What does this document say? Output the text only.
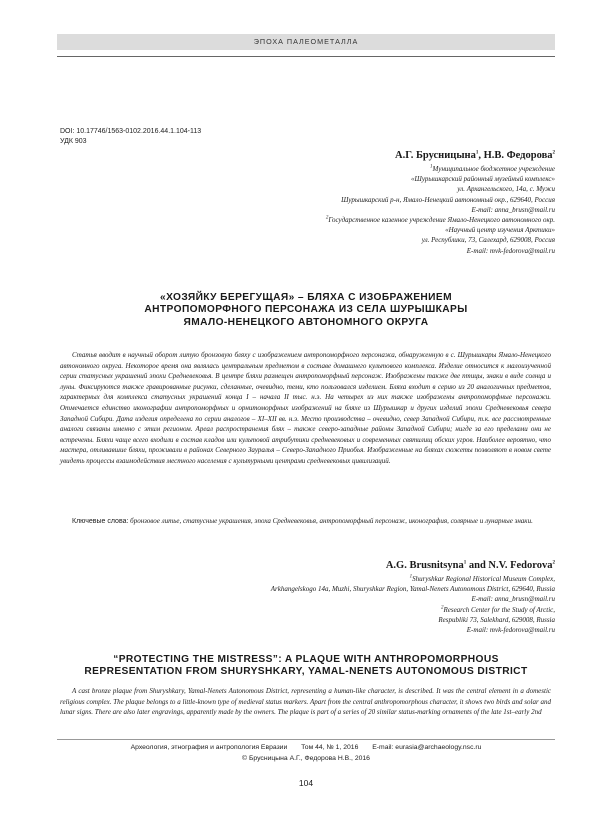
ЭПОХА ПАЛЕОМЕТАЛЛА
DOI: 10.17746/1563-0102.2016.44.1.104-113
УДК 903
А.Г. Брусницына$^1$, Н.В. Федорова$^2$
$^1$Муниципальное бюджетное учреждение
«Шурышкарский районный музейный комплекс»
ул. Архангельского, 14а, с. Мужи
Шурышкарский р-н, Ямало-Ненецкий автономный окр., 629640, Россия
E-mail: anna_brusn@mail.ru
$^2$Государственное казенное учреждение Ямало-Ненецкого автономного окр.
«Научный центр изучения Арктики»
ул. Республики, 73, Салехард, 629008, Россия
E-mail: mvk-fedorova@mail.ru
«ХОЗЯЙКУ БЕРЕГУЩАЯ» – БЛЯХА С ИЗОБРАЖЕНИЕМ
АНТРОПОМОРФНОГО ПЕРСОНАЖА ИЗ СЕЛА ШУРЫШКАРЫ
ЯМАЛО-НЕНЕЦКОГО АВТОНОМНОГО ОКРУГА
Статья вводит в научный оборот литую бронзовую бляху с изображением антропоморфного персонажа, обнаруженную в с. Шурышкары Ямало-Ненецкого автономного округа. Некоторое время она являлась центральным предметом в составе домашнего культового комплекса. Изделие относится к малоизученной серии статусных украшений эпохи Средневековья. В центре бляхи размещен антропоморфный персонаж. Изображены также две птицы, знаки в виде солнца и луны. Фиксируются также гравированные рисунки, сделанные, очевидно, теми, кто пользовался изделием. Бляха входит в серию из 20 аналогичных предметов, характерных для комплекса статусных украшений конца I – начала II тыс. н.э. На четырех из них также изображены антропоморфные персонажи. Отмечается единство иконографии антропоморфных и орнитоморфных изображений на бляхе из Шурышкар и других изделий эпохи Средневековья севера Западной Сибири. Дата изделия определена по серии аналогов – XI–XII вв. н.э. Место производства – очевидно, север Западной Сибири, т.к. все рассмотренные аналоги связаны именно с этим регионом. Ареал распространения блях – также северо-западные районы Западной Сибири; нигде за его пределами они не встречены. Бляхи чаще всего входили в состав кладов или культовой атрибутики средневековых и современных святилищ обских угров. Наиболее вероятно, что мастера, отливавшие бляхи, проживали в районах Северного Зауралья – Северо-Западного Приобья. Изображенные на бляхах сюжеты позволяют в новом свете увидеть процессы взаимодействия местного населения с культурными центрами средневековых цивилизаций.
Ключевые слова: бронзовое литье, статусные украшения, эпоха Средневековья, антропоморфный персонаж, иконография, солярные и лунарные знаки.
A.G. Brusnitsyna$^1$ and N.V. Fedorova$^2$
$^1$Shuryshkar Regional Historical Museum Complex,
Arkhangelskogo 14a, Muzhi, Shuryshkar Region, Yamal-Nenets Autonomous District, 629640, Russia
E-mail: anna_brusn@mail.ru
$^2$Research Center for the Study of Arctic,
Respubliki 73, Salekhard, 629008, Russia
E-mail: mvk-fedorova@mail.ru
“PROTECTING THE MISTRESS”: A PLAQUE WITH ANTHROPOMORPHOUS
REPRESENTATION FROM SHURYSHKARY, YAMAL-NENETS AUTONOMOUS DISTRICT
A cast bronze plaque from Shuryshkary, Yamal-Nenets Autonomous District, representing a human-like character, is described. It was the central element in a domestic religious complex. The plaque belongs to a little-known type of medieval status markers. Apart from the central anthropomorphous character, it shows two birds and solar and lunar signs. There are also later engravings, apparently made by the owners. The plaque is part of a series of 20 similar status-marking ornaments of the late 1st–early 2nd
Археология, этнография и антропология Евразии Том 44, № 1, 2016 E-mail: eurasia@archaeology.nsc.ru
© Брусницына А.Г., Федорова Н.В., 2016
104
